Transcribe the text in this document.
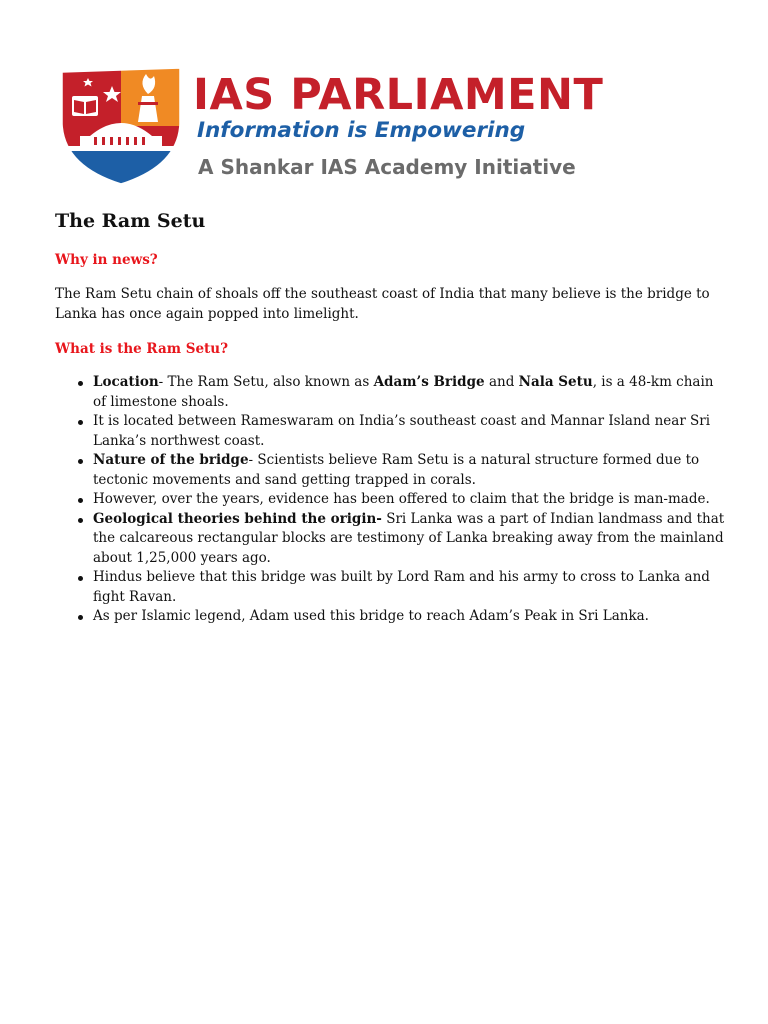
IAS PARLIAMENT

Information is Empowering

A Shankar IAS Academy Initiative

The Ram Setu
Why in news?

The Ram Setu chain of shoals off the southeast coast of India that many believe is the bridge to Lanka has once again popped into limelight.

What is the Ram Setu?
Location- The Ram Setu, also known as Adam’s Bridge and Nala Setu, is a 48-km chain of limestone shoals.
It is located between Rameswaram on India’s southeast coast and Mannar Island near Sri Lanka’s northwest coast.
Nature of the bridge- Scientists believe Ram Setu is a natural structure formed due to tectonic movements and sand getting trapped in corals.
However, over the years, evidence has been offered to claim that the bridge is man-made.
Geological theories behind the origin- Sri Lanka was a part of Indian landmass and that the calcareous rectangular blocks are testimony of Lanka breaking away from the mainland about 1,25,000 years ago.
Hindus believe that this bridge was built by Lord Ram and his army to cross to Lanka and fight Ravan.
As per Islamic legend, Adam used this bridge to reach Adam’s Peak in Sri Lanka.
